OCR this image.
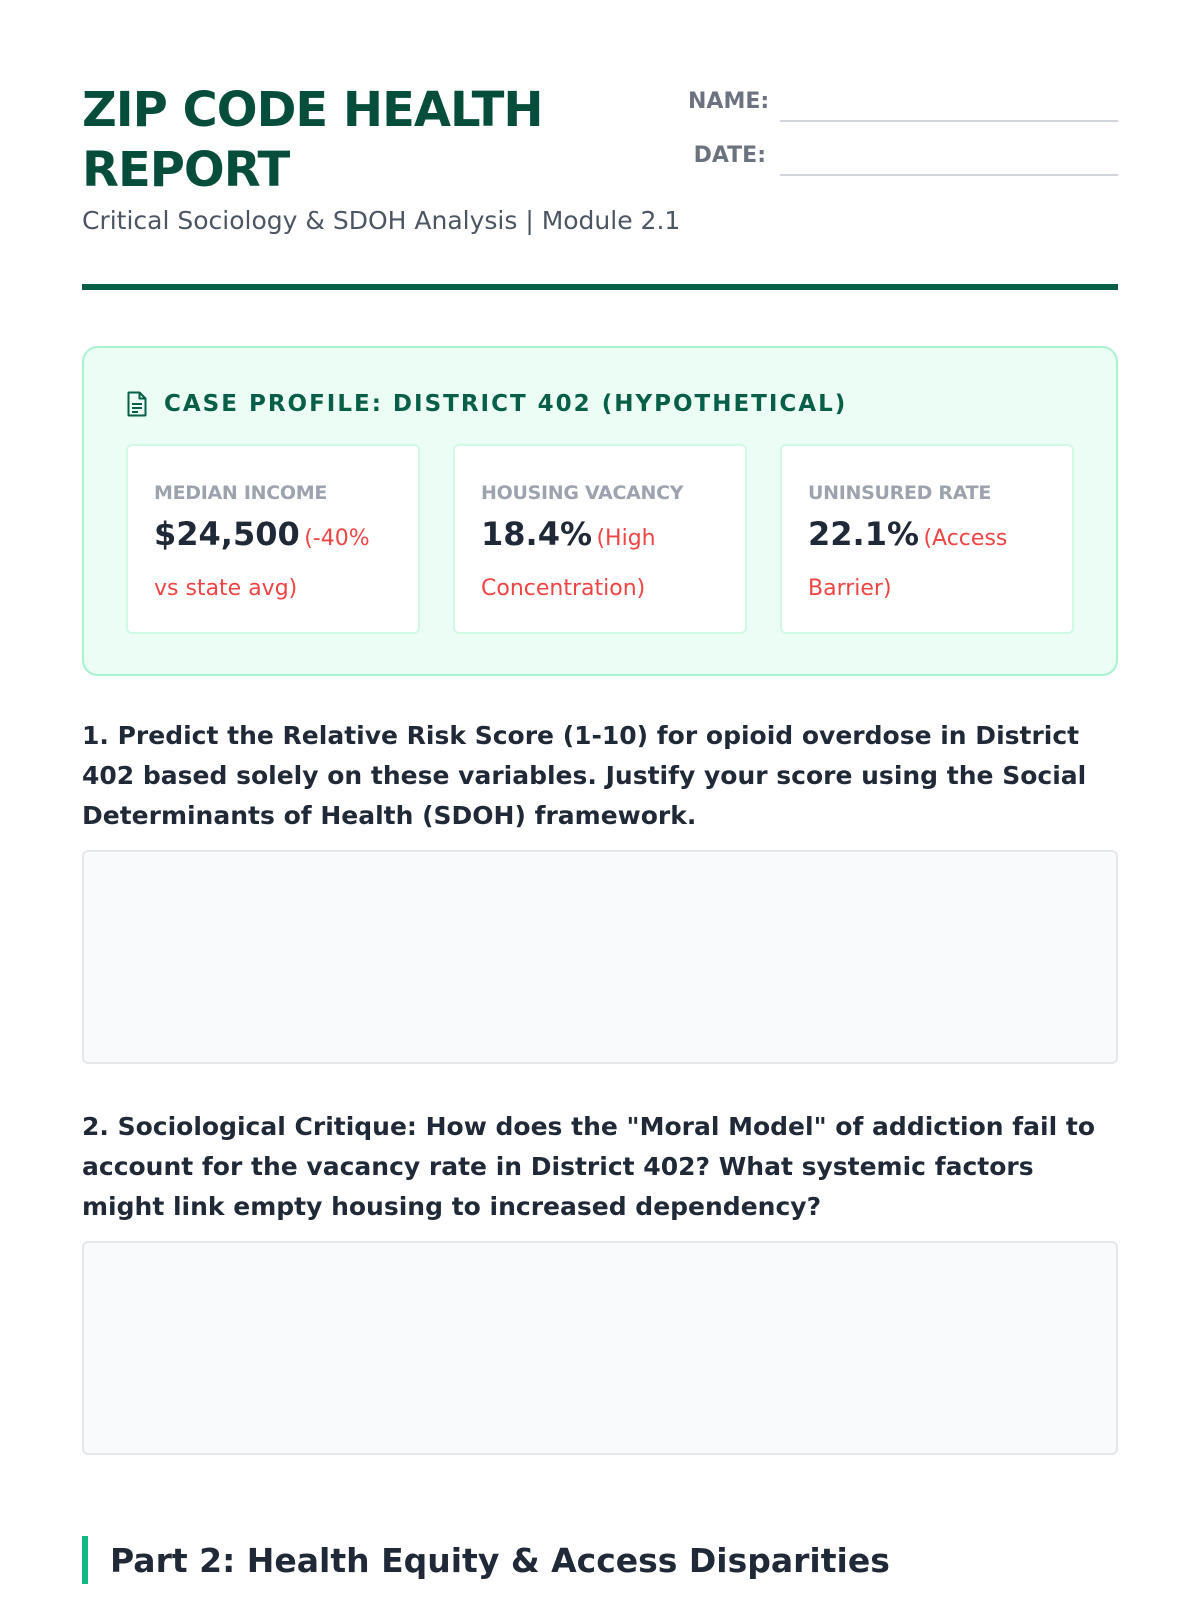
ZIP CODE HEALTH REPORT
Critical Sociology & SDOH Analysis | Module 2.1
NAME:
DATE:
CASE PROFILE: DISTRICT 402 (HYPOTHETICAL)
MEDIAN INCOME
$24,500 (-40% vs state avg)
HOUSING VACANCY
18.4% (High Concentration)
UNINSURED RATE
22.1% (Access Barrier)

1. Predict the Relative Risk Score (1-10) for opioid overdose in District 402 based solely on these variables. Justify your score using the Social Determinants of Health (SDOH) framework.

2. Sociological Critique: How does the "Moral Model" of addiction fail to account for the vacancy rate in District 402? What systemic factors might link empty housing to increased dependency?

Part 2: Health Equity & Access Disparities
